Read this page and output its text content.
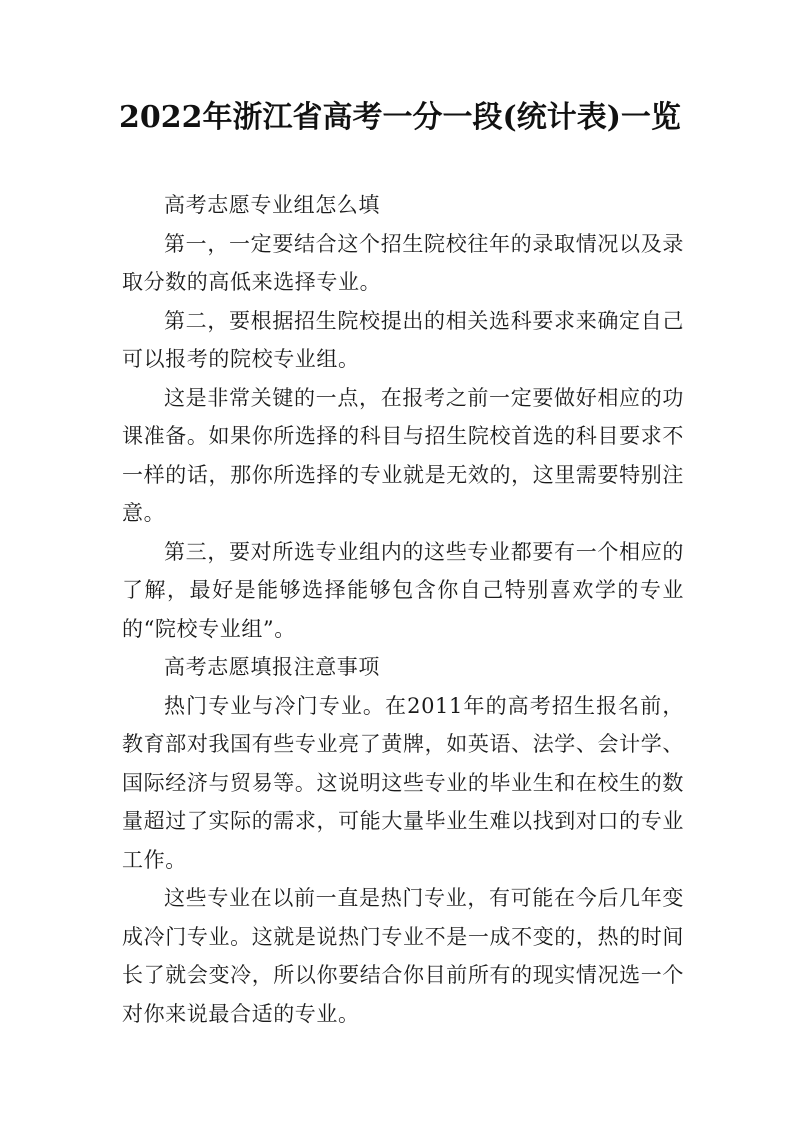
2022年浙江省高考一分一段(统计表)一览

高考志愿专业组怎么填

第一，一定要结合这个招生院校往年的录取情况以及录取分数的高低来选择专业。

第二，要根据招生院校提出的相关选科要求来确定自己可以报考的院校专业组。

这是非常关键的一点，在报考之前一定要做好相应的功课准备。如果你所选择的科目与招生院校首选的科目要求不一样的话，那你所选择的专业就是无效的，这里需要特别注意。

第三，要对所选专业组内的这些专业都要有一个相应的了解，最好是能够选择能够包含你自己特别喜欢学的专业的“院校专业组”。

高考志愿填报注意事项

热门专业与冷门专业。在2011年的高考招生报名前，教育部对我国有些专业亮了黄牌，如英语、法学、会计学、国际经济与贸易等。这说明这些专业的毕业生和在校生的数量超过了实际的需求，可能大量毕业生难以找到对口的专业工作。

这些专业在以前一直是热门专业，有可能在今后几年变成冷门专业。这就是说热门专业不是一成不变的，热的时间长了就会变冷，所以你要结合你目前所有的现实情况选一个对你来说最合适的专业。
